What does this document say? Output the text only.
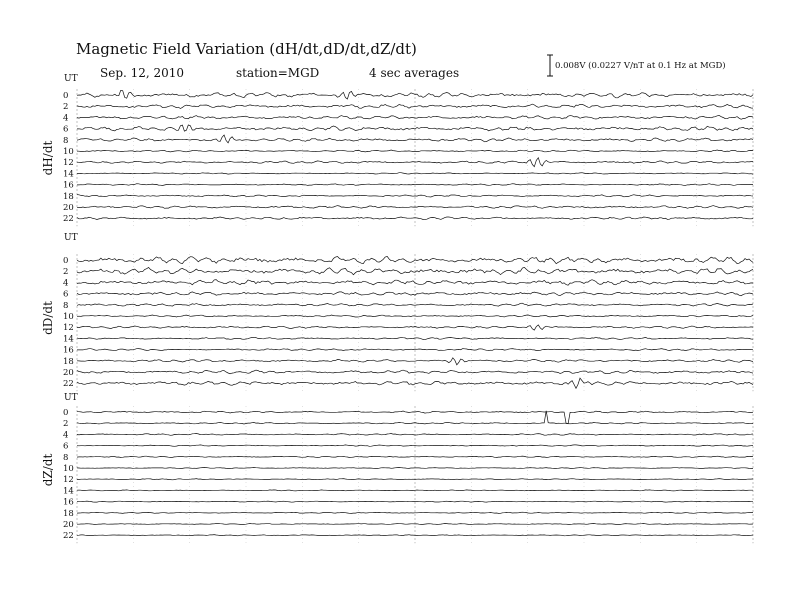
Magnetic Field Variation (dH/dt,dD/dt,dZ/dt)
Sep. 12, 2010	station=MGD	4 sec averages	0.008V (0.0227 V/nT at 0.1 Hz at MGD)
UT
dH/dt
0
2
4
6
8
10
12
14
16
18
20
22
UT
dD/dt
0
2
4
6
8
10
12
14
16
18
20
22
UT
dZ/dt
0
2
4
6
8
10
12
14
16
18
20
22
